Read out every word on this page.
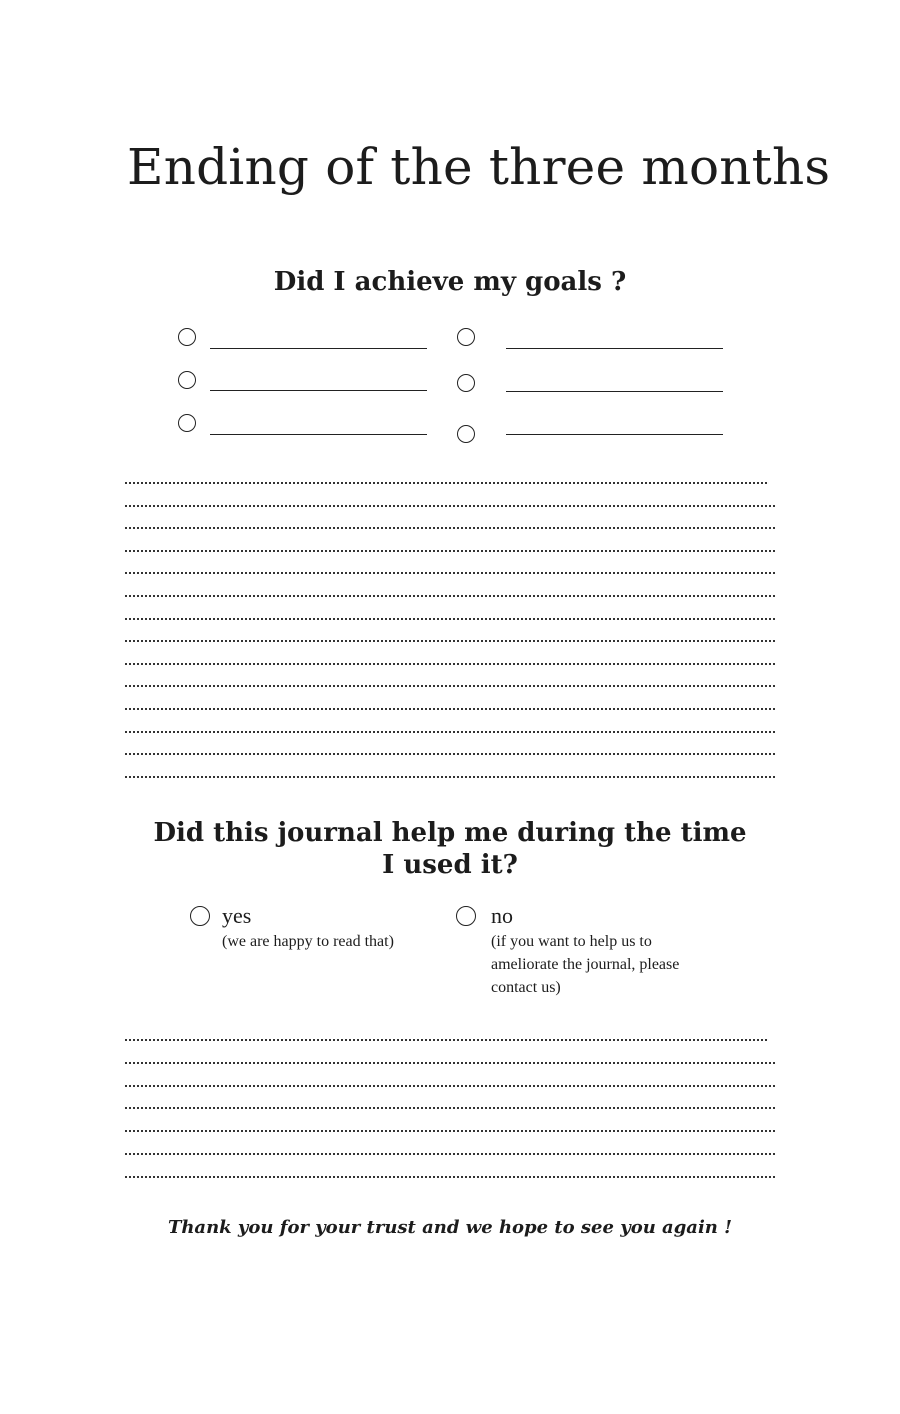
Ending of the three months
Did I achieve my goals ?
Did this journal help me during the time
I used it?
yes
(we are happy to read that)
no
(if you want to help us to
ameliorate the journal, please
contact us)
Thank you for your trust and we hope to see you again !
